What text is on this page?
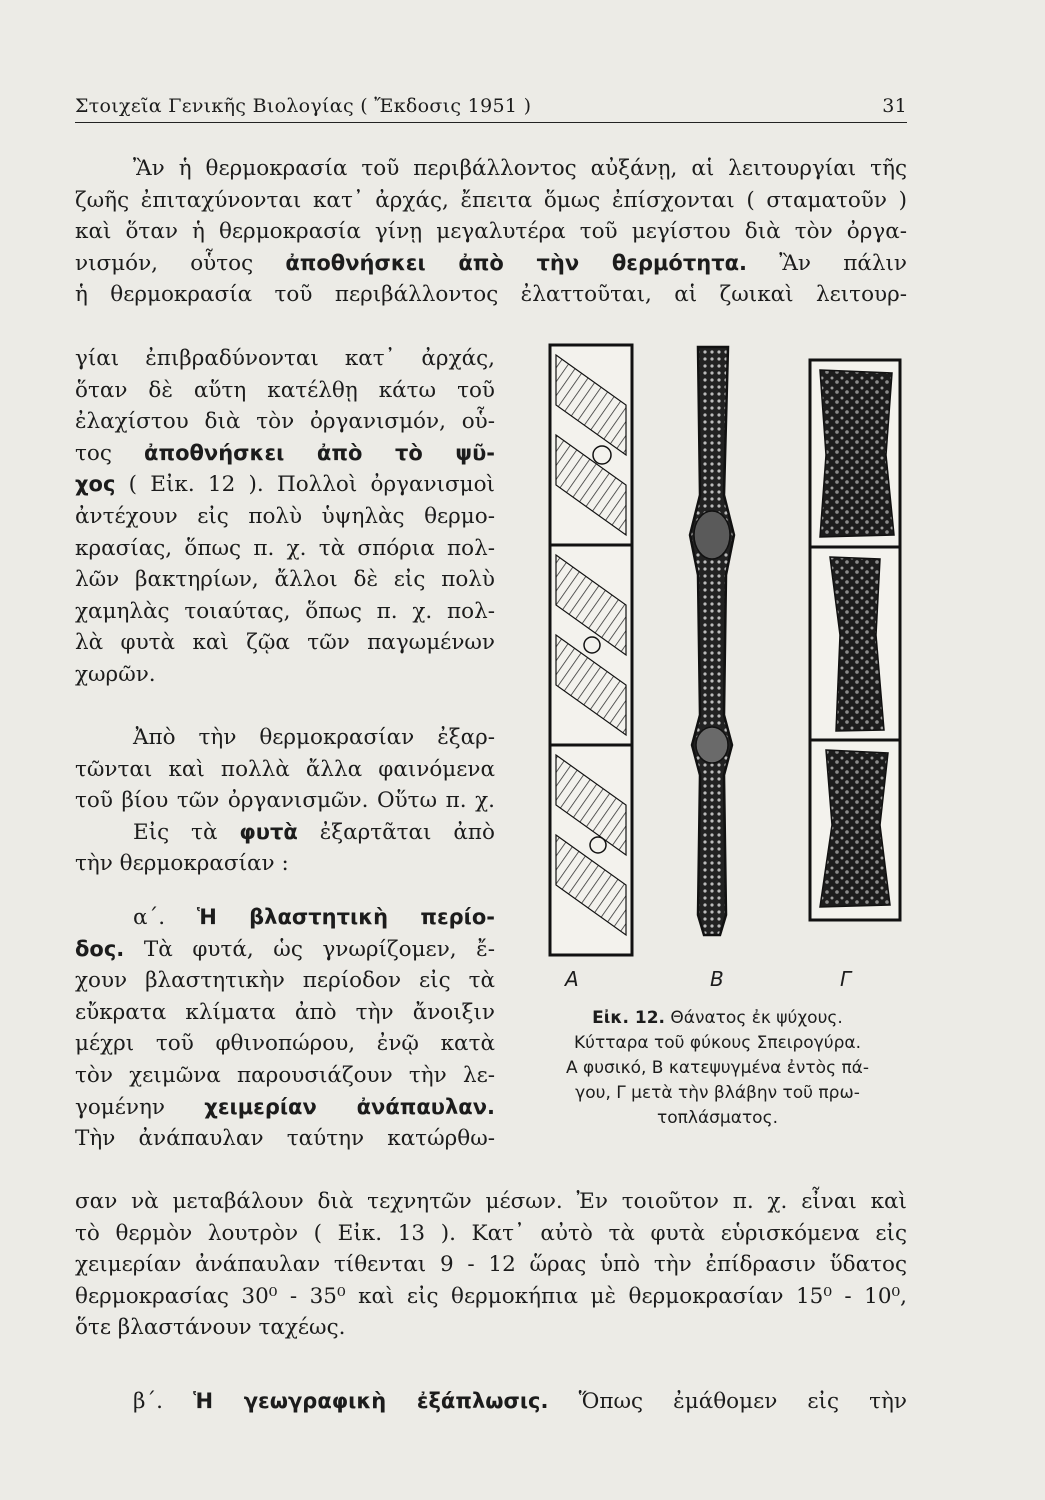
Στοιχεῖα Γενικῆς Βιολογίας ( Ἔκδοσις 1951 )	31
Ἂν ἡ θερμοκρασία τοῦ περιβάλλοντος αὐξάνῃ, αἱ λειτουργίαι τῆς
ζωῆς ἐπιταχύνονται κατ᾿ ἀρχάς, ἔπειτα ὅμως ἐπίσχονται ( σταματοῦν )
καὶ ὅταν ἡ θερμοκρασία γίνῃ μεγαλυτέρα τοῦ μεγίστου διὰ τὸν ὀργα-
νισμόν, οὗτος ἀποθνήσκει ἀπὸ τὴν θερμότητα. Ἂν πάλιν
ἡ θερμοκρασία τοῦ περιβάλλοντος ἐλαττοῦται, αἱ ζωικαὶ λειτουρ-
γίαι ἐπιβραδύνονται κατ᾿ ἀρχάς,
ὅταν δὲ αὕτη κατέλθῃ κάτω τοῦ
ἐλαχίστου διὰ τὸν ὀργανισμόν, οὗ-
τος ἀποθνήσκει ἀπὸ τὸ ψῦ-
χος ( Εἰκ. 12 ). Πολλοὶ ὀργανισμοὶ
ἀντέχουν εἰς πολὺ ὑψηλὰς θερμο-
κρασίας, ὅπως π. χ. τὰ σπόρια πολ-
λῶν βακτηρίων, ἄλλοι δὲ εἰς πολὺ
χαμηλὰς τοιαύτας, ὅπως π. χ. πολ-
λὰ φυτὰ καὶ ζῷα τῶν παγωμένων
χωρῶν.
Ἀπὸ τὴν θερμοκρασίαν ἐξαρ-
τῶνται καὶ πολλὰ ἄλλα φαινόμενα
τοῦ βίου τῶν ὀργανισμῶν. Οὕτω π. χ.
Εἰς τὰ φυτὰ ἐξαρτᾶται ἀπὸ
τὴν θερμοκρασίαν :
α΄. Ἡ βλαστητικὴ περίο-
δος. Τὰ φυτά, ὡς γνωρίζομεν, ἔ-
χουν βλαστητικὴν περίοδον εἰς τὰ
εὔκρατα κλίματα ἀπὸ τὴν ἄνοιξιν
μέχρι τοῦ φθινοπώρου, ἐνῷ κατὰ
τὸν χειμῶνα παρουσιάζουν τὴν λε-
γομένην χειμερίαν ἀνάπαυλαν.
Τὴν ἀνάπαυλαν ταύτην κατώρθω-
σαν νὰ μεταβάλουν διὰ τεχνητῶν μέσων. Ἐν τοιοῦτον π. χ. εἶναι καὶ
τὸ θερμὸν λουτρὸν ( Εἰκ. 13 ). Κατ᾿ αὐτὸ τὰ φυτὰ εὑρισκόμενα εἰς
χειμερίαν ἀνάπαυλαν τίθενται 9 - 12 ὥρας ὑπὸ τὴν ἐπίδρασιν ὕδατος
θερμοκρασίας 30⁰ - 35⁰ καὶ εἰς θερμοκήπια μὲ θερμοκρασίαν 15⁰ - 10⁰,
ὅτε βλαστάνουν ταχέως.
β΄. Ἡ γεωγραφικὴ ἐξάπλωσις. Ὅπως ἐμάθομεν εἰς τὴν
A	B	Γ
Εἰκ. 12. Θάνατος ἐκ ψύχους.
Κύτταρα τοῦ φύκους Σπειρογύρα.
Α φυσικό, Β κατεψυγμένα ἐντὸς πά-
γου, Γ μετὰ τὴν βλάβην τοῦ πρω-
τοπλάσματος.
